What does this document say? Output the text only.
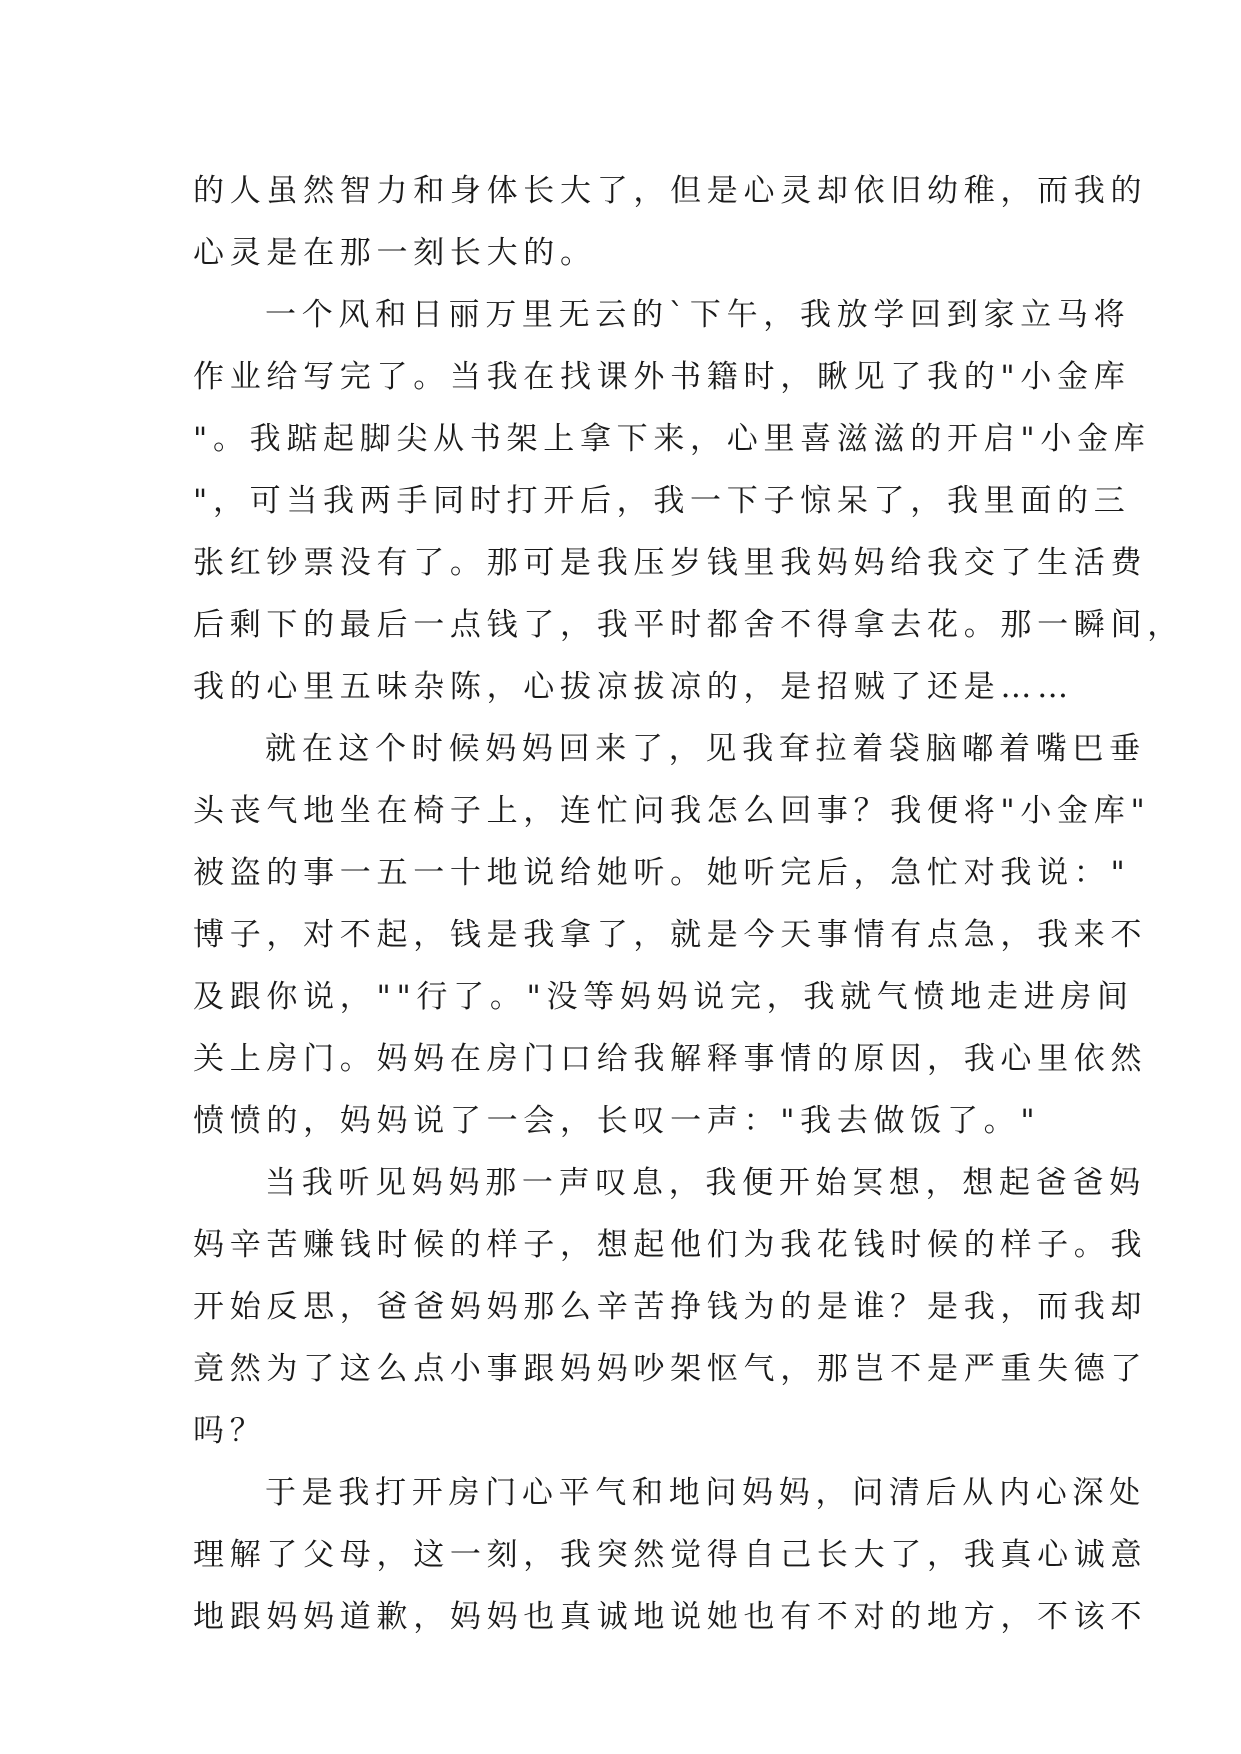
的人虽然智力和身体长大了，但是心灵却依旧幼稚，而我的
心灵是在那一刻长大的。
一个风和日丽万里无云的`下午，我放学回到家立马将
作业给写完了。当我在找课外书籍时，瞅见了我的"小金库
"。我踮起脚尖从书架上拿下来，心里喜滋滋的开启"小金库
"，可当我两手同时打开后，我一下子惊呆了，我里面的三
张红钞票没有了。那可是我压岁钱里我妈妈给我交了生活费
后剩下的最后一点钱了，我平时都舍不得拿去花。那一瞬间，
我的心里五味杂陈，心拔凉拔凉的，是招贼了还是……
就在这个时候妈妈回来了，见我耷拉着袋脑嘟着嘴巴垂
头丧气地坐在椅子上，连忙问我怎么回事？我便将"小金库"
被盗的事一五一十地说给她听。她听完后，急忙对我说："
博子，对不起，钱是我拿了，就是今天事情有点急，我来不
及跟你说，""行了。"没等妈妈说完，我就气愤地走进房间
关上房门。妈妈在房门口给我解释事情的原因，我心里依然
愤愤的，妈妈说了一会，长叹一声："我去做饭了。"
当我听见妈妈那一声叹息，我便开始冥想，想起爸爸妈
妈辛苦赚钱时候的样子，想起他们为我花钱时候的样子。我
开始反思，爸爸妈妈那么辛苦挣钱为的是谁？是我，而我却
竟然为了这么点小事跟妈妈吵架怄气，那岂不是严重失德了
吗？
于是我打开房门心平气和地问妈妈，问清后从内心深处
理解了父母，这一刻，我突然觉得自己长大了，我真心诚意
地跟妈妈道歉，妈妈也真诚地说她也有不对的地方，不该不
